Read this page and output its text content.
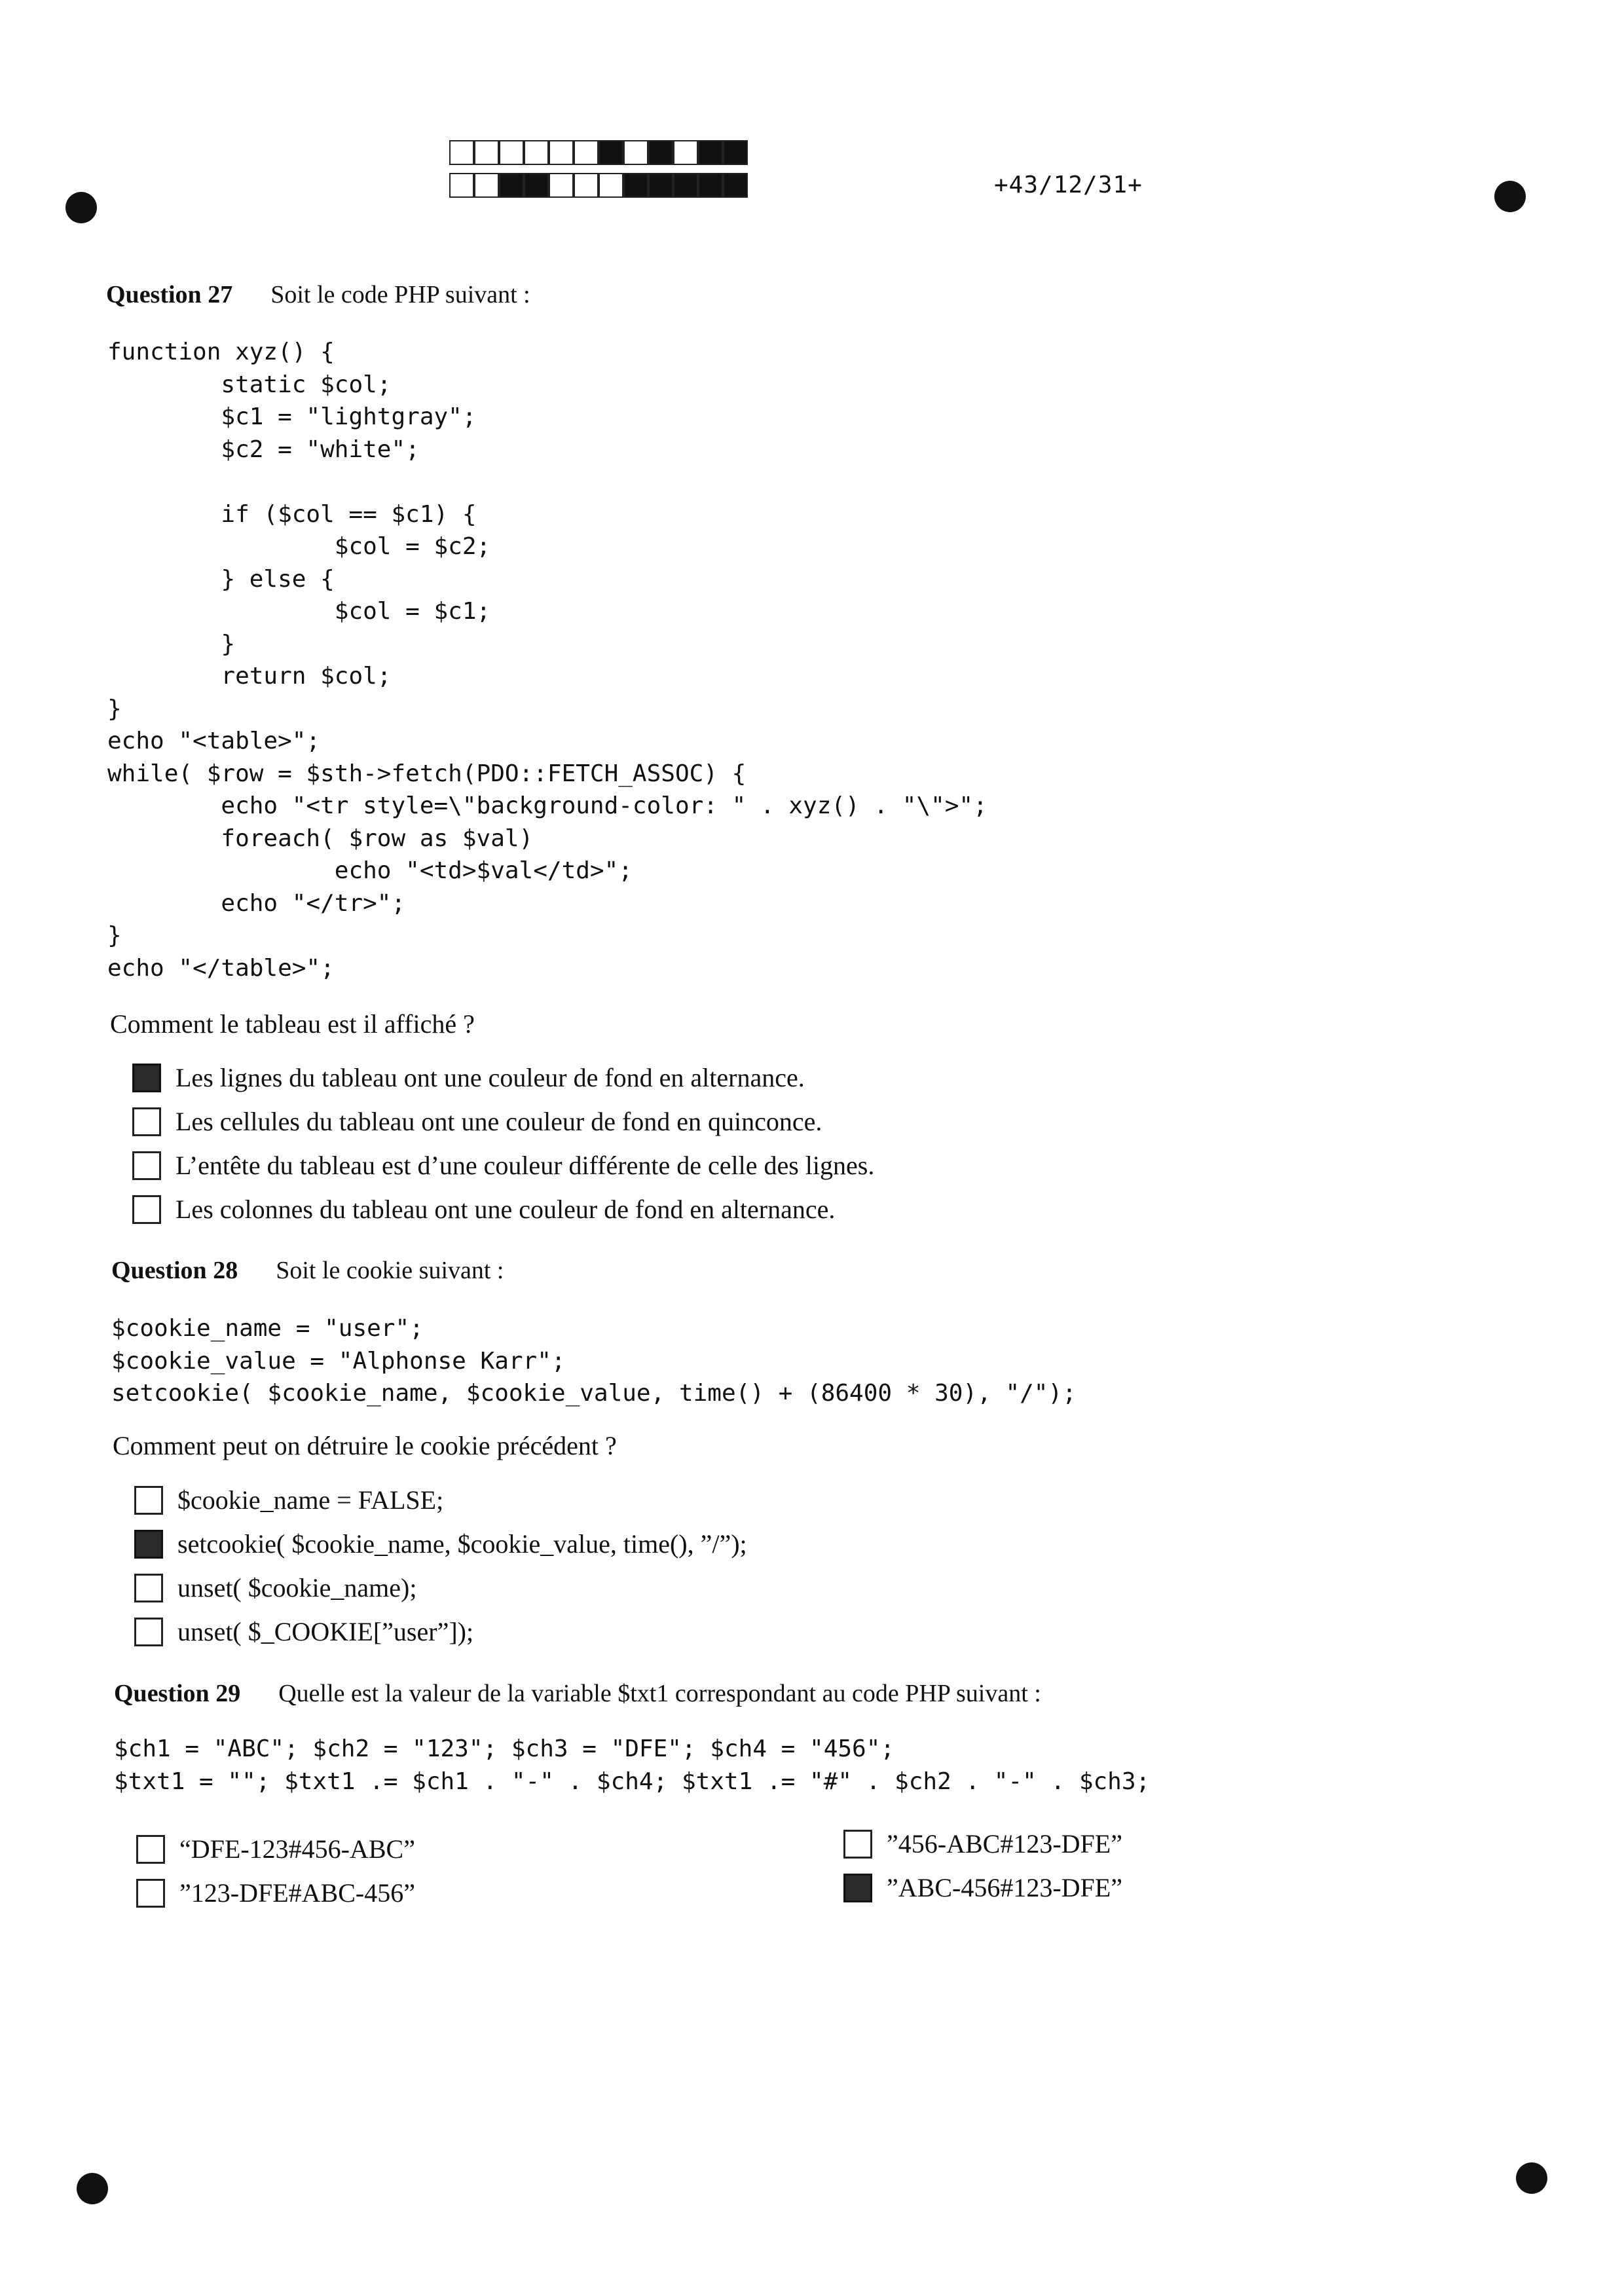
+43/12/31+
Question 27 Soit le code PHP suivant :
function xyz() {
static $col;
$c1 = "lightgray";
$c2 = "white";

if ($col == $c1) {
$col = $c2;
} else {
$col = $c1;
}
return $col;
}
echo "<table>";
while( $row = $sth->fetch(PDO::FETCH_ASSOC) {
echo "<tr style=\"background-color: " . xyz() . "\">";
foreach( $row as $val)
echo "<td>$val</td>";
echo "</tr>";
}
echo "</table>";
Comment le tableau est il affiché ?
Les lignes du tableau ont une couleur de fond en alternance.
Les cellules du tableau ont une couleur de fond en quinconce.
L’entête du tableau est d’une couleur différente de celle des lignes.
Les colonnes du tableau ont une couleur de fond en alternance.
Question 28 Soit le cookie suivant :
$cookie_name = "user";
$cookie_value = "Alphonse Karr";
setcookie( $cookie_name, $cookie_value, time() + (86400 * 30), "/");
Comment peut on détruire le cookie précédent ?
$cookie_name = FALSE;
setcookie( $cookie_name, $cookie_value, time(), ”/”);
unset( $cookie_name);
unset( $_COOKIE[”user”]);
Question 29 Quelle est la valeur de la variable $txt1 correspondant au code PHP suivant :
$ch1 = "ABC"; $ch2 = "123"; $ch3 = "DFE"; $ch4 = "456";
$txt1 = ""; $txt1 .= $ch1 . "-" . $ch4; $txt1 .= "#" . $ch2 . "-" . $ch3;
“DFE-123#456-ABC”
”123-DFE#ABC-456”
”456-ABC#123-DFE”
”ABC-456#123-DFE”
